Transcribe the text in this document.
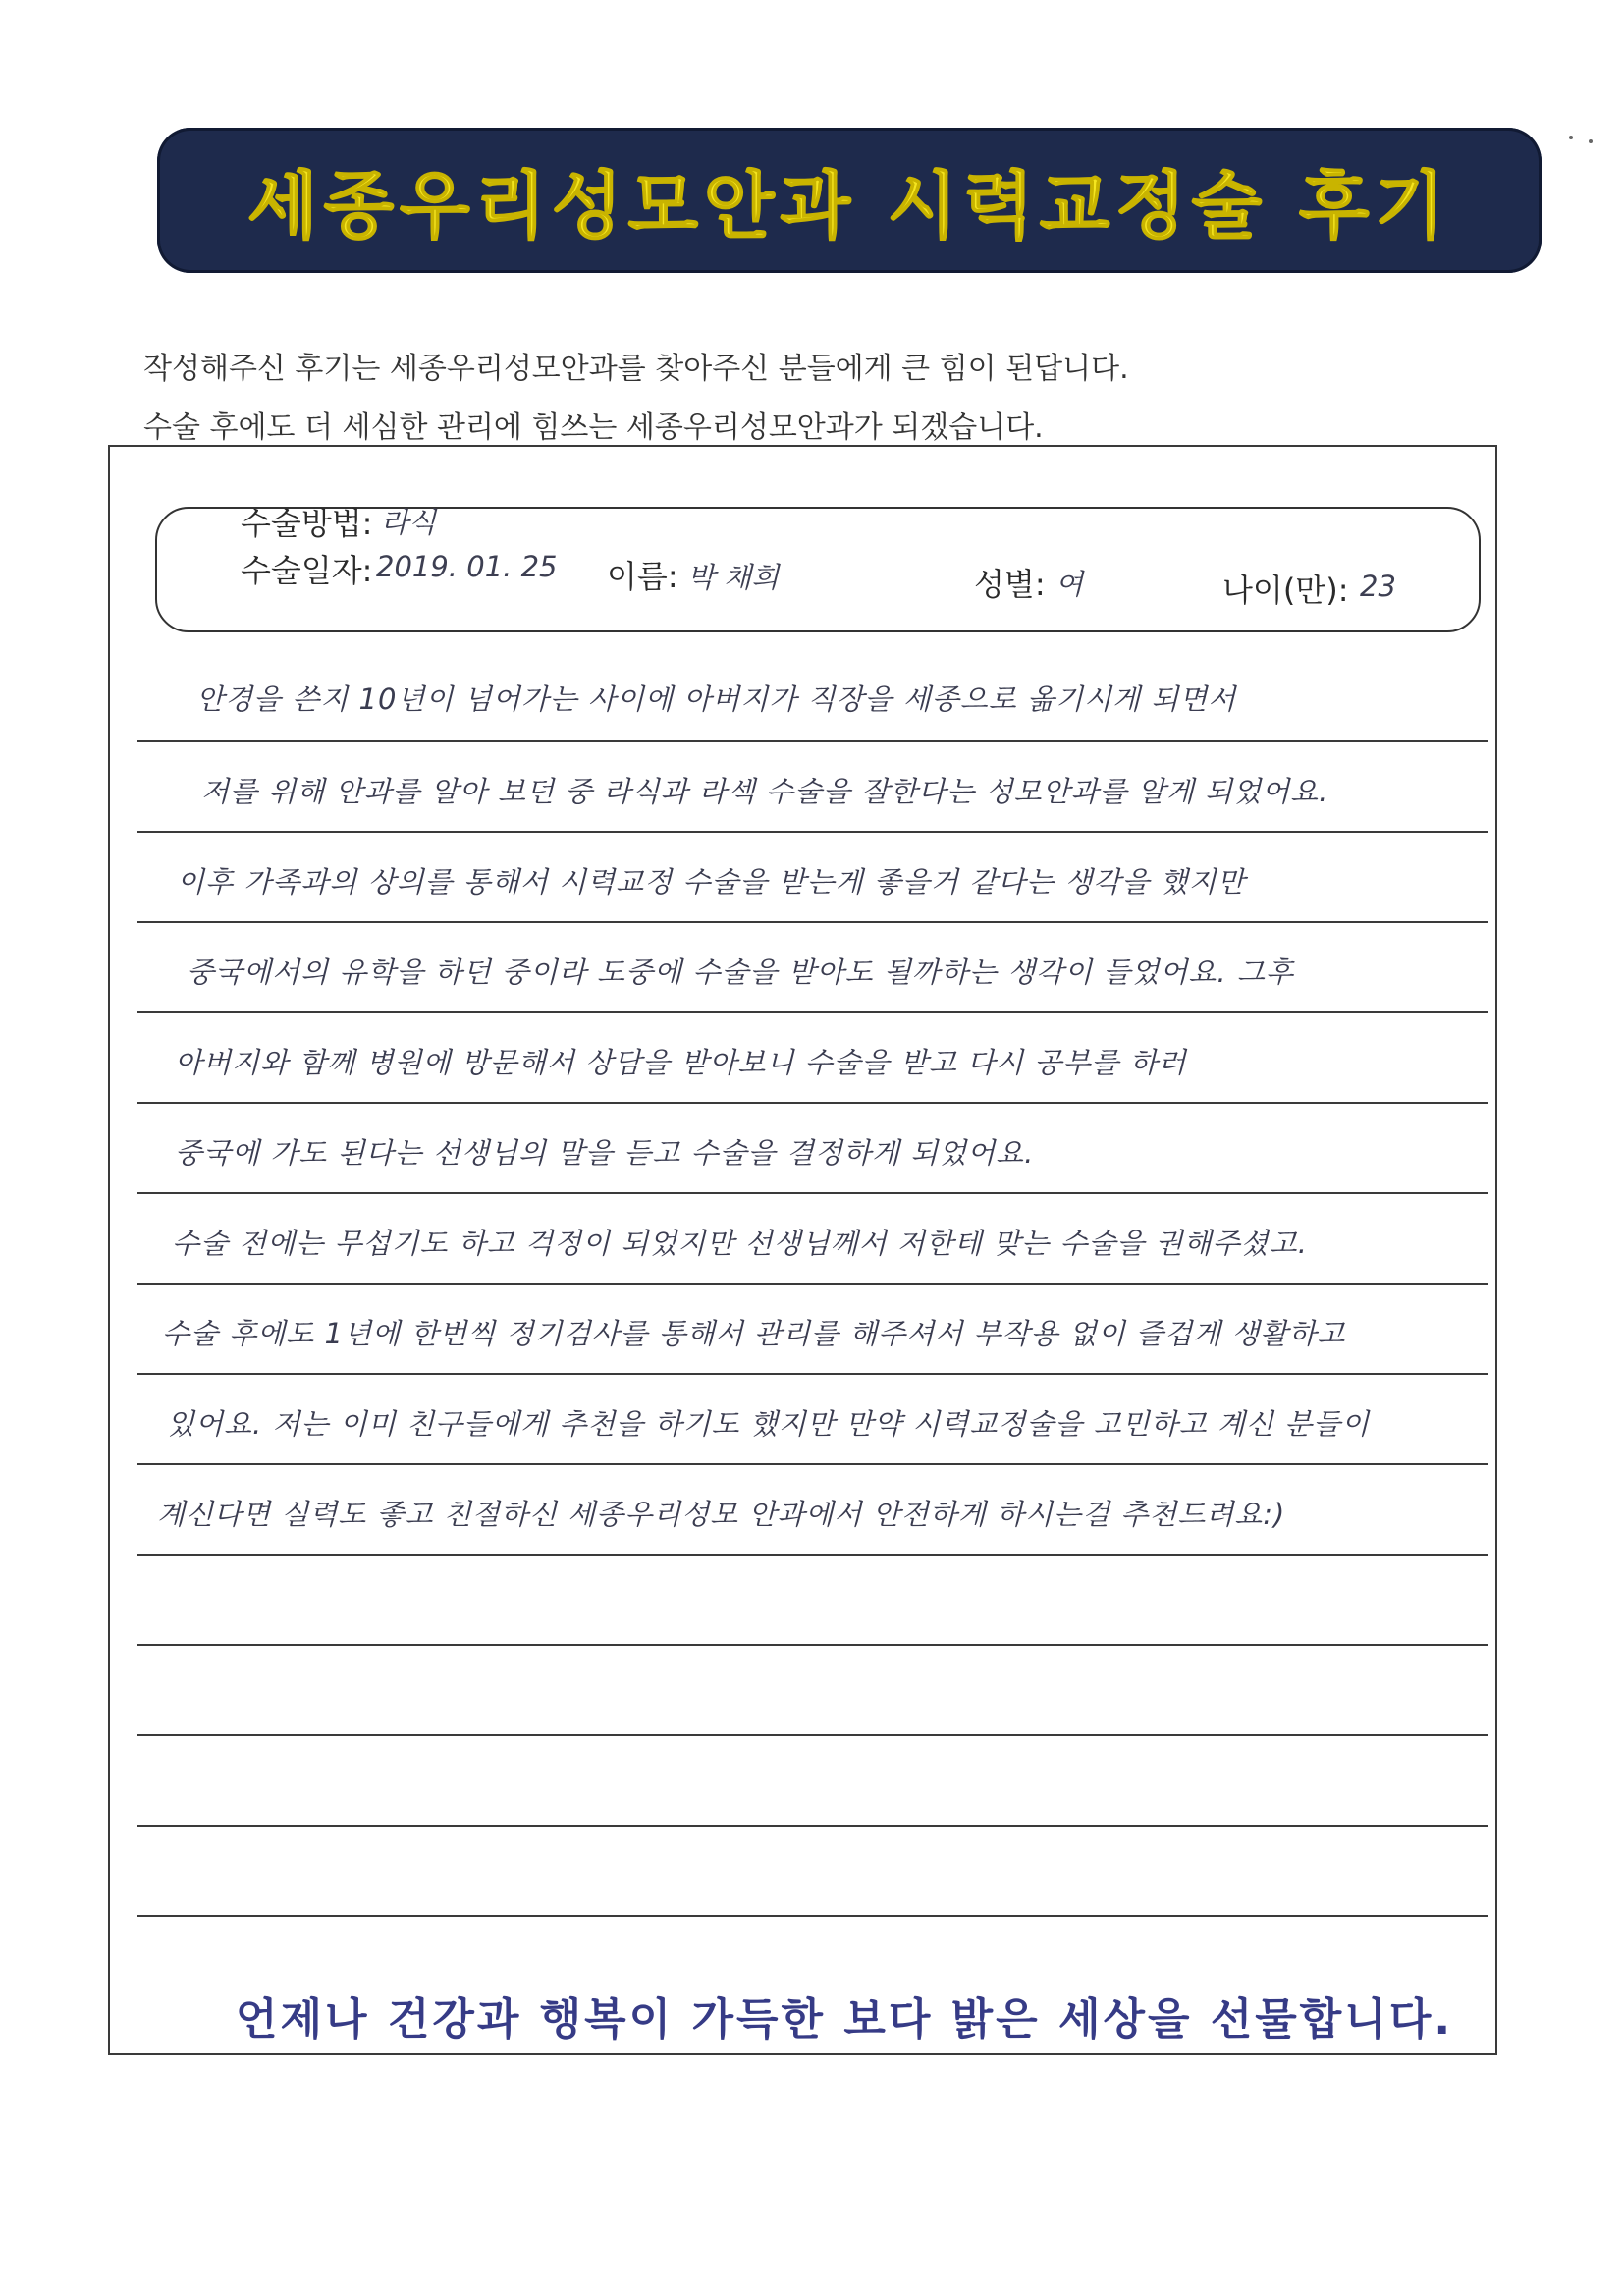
세종우리성모안과 시력교정술 후기
작성해주신 후기는 세종우리성모안과를 찾아주신 분들에게 큰 힘이 된답니다.
수술 후에도 더 세심한 관리에 힘쓰는 세종우리성모안과가 되겠습니다.
수술방법: 라식
수술일자: 2019. 01. 25 이름: 박 채희	성별: 여	나이(만): 23
안경을 쓴지 10년이 넘어가는 사이에 아버지가 직장을 세종으로 옮기시게 되면서
저를 위해 안과를 알아 보던 중 라식과 라섹 수술을 잘한다는 성모안과를 알게 되었어요.
이후 가족과의 상의를 통해서 시력교정 수술을 받는게 좋을거 같다는 생각을 했지만
중국에서의 유학을 하던 중이라 도중에 수술을 받아도 될까하는 생각이 들었어요. 그후
아버지와 함께 병원에 방문해서 상담을 받아보니 수술을 받고 다시 공부를 하러
중국에 가도 된다는 선생님의 말을 듣고 수술을 결정하게 되었어요.
수술 전에는 무섭기도 하고 걱정이 되었지만 선생님께서 저한테 맞는 수술을 권해주셨고.
수술 후에도 1년에 한번씩 정기검사를 통해서 관리를 해주셔서 부작용 없이 즐겁게 생활하고
있어요. 저는 이미 친구들에게 추천을 하기도 했지만 만약 시력교정술을 고민하고 계신 분들이
계신다면 실력도 좋고 친절하신 세종우리성모 안과에서 안전하게 하시는걸 추천드려요:)
언제나 건강과 행복이 가득한 보다 밝은 세상을 선물합니다.
